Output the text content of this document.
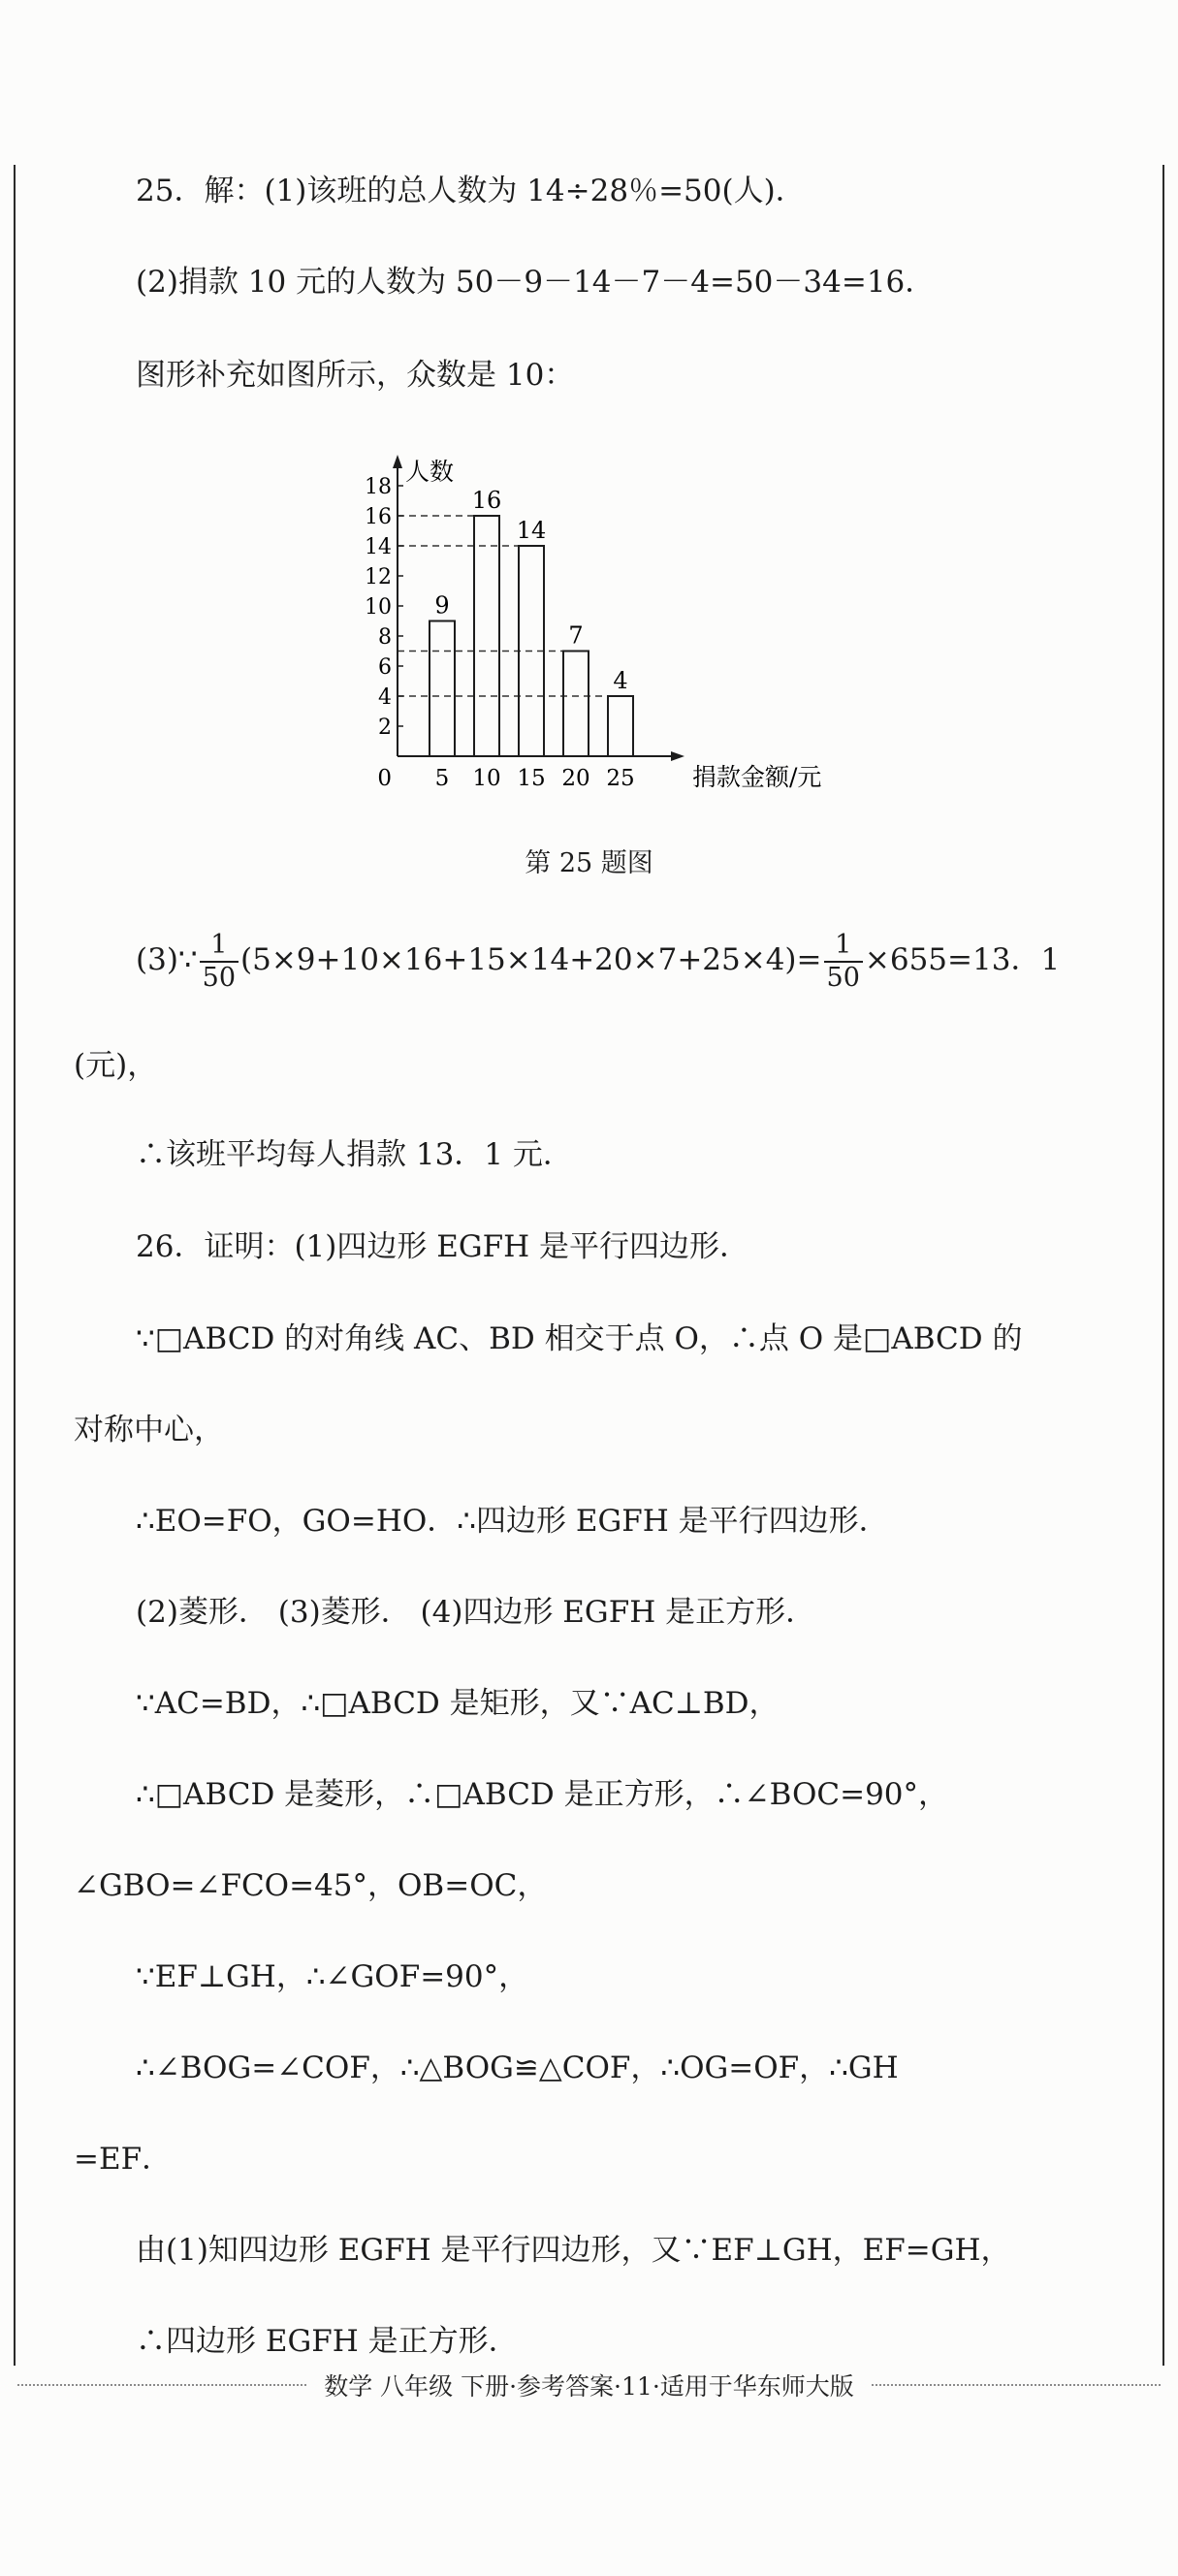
25．解：(1)该班的总人数为 14÷28％=50(人)．
(2)捐款 10 元的人数为 50－9－14－7－4=50－34=16．
图形补充如图所示，众数是 10：
9
5
16
10
14
15
7
20
4
25
2
4
6
8
10
12
14
16
18
0
人数
捐款金额/元
第 25 题图
(3)∵ $\frac{1}{50} (5\times 9+10\times 16+15\times 14+20\times 7+25\times 4)= \frac{1}{50} \times 655=13$．1
(元)，
∴该班平均每人捐款 13．1 元．
26．证明：(1)四边形 EGFH 是平行四边形．
∵□ABCD 的对角线 AC、BD 相交于点 O，∴点 O 是□ABCD 的
对称中心，
∴EO=FO，GO=HO．∴四边形 EGFH 是平行四边形．
(2)菱形． (3)菱形． (4)四边形 EGFH 是正方形．
∵AC=BD，∴□ABCD 是矩形，又∵AC⊥BD，
∴□ABCD 是菱形，∴□ABCD 是正方形，∴∠BOC=90°，
∠GBO=∠FCO=45°，OB=OC，
∵EF⊥GH，∴∠GOF=90°，
∴∠BOG=∠COF，∴△BOG≌△COF，∴OG=OF，∴GH
=EF．
由(1)知四边形 EGFH 是平行四边形，又∵EF⊥GH，EF=GH，
∴四边形 EGFH 是正方形．
数学 八年级 下册·参考答案·11·适用于华东师大版
